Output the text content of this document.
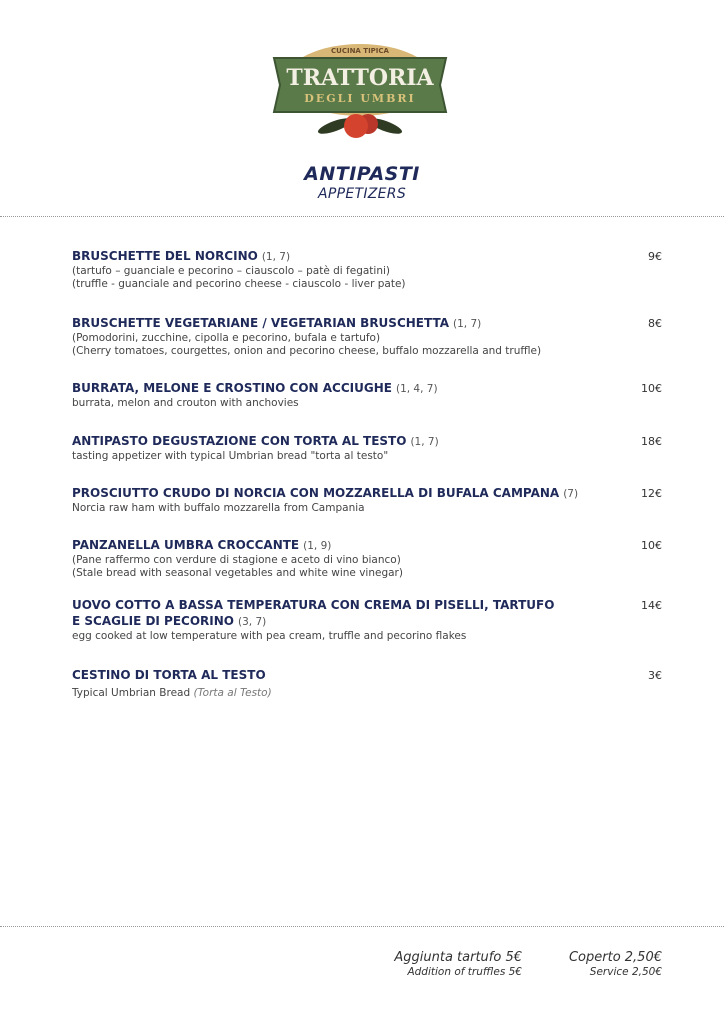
CUCINA TIPICA
TRATTORIA
DEGLI UMBRI
ANTIPASTI
APPETIZERS
BRUSCHETTE DEL NORCINO (1, 7)
(tartufo – guanciale e pecorino – ciauscolo – patè di fegatini)
(truffle - guanciale and pecorino cheese - ciauscolo - liver pate)
9€
BRUSCHETTE VEGETARIANE / VEGETARIAN BRUSCHETTA (1, 7)
(Pomodorini, zucchine, cipolla e pecorino, bufala e tartufo)
(Cherry tomatoes, courgettes, onion and pecorino cheese, buffalo mozzarella and truffle)
8€
BURRATA, MELONE E CROSTINO CON ACCIUGHE (1, 4, 7)
burrata, melon and crouton with anchovies
10€
ANTIPASTO DEGUSTAZIONE CON TORTA AL TESTO (1, 7)
tasting appetizer with typical Umbrian bread "torta al testo"
18€
PROSCIUTTO CRUDO DI NORCIA CON MOZZARELLA DI BUFALA CAMPANA (7)
Norcia raw ham with buffalo mozzarella from Campania
12€
PANZANELLA UMBRA CROCCANTE (1, 9)
(Pane raffermo con verdure di stagione e aceto di vino bianco)
(Stale bread with seasonal vegetables and white wine vinegar)
10€
UOVO COTTO A BASSA TEMPERATURA CON CREMA DI PISELLI, TARTUFO
E SCAGLIE DI PECORINO (3, 7)
egg cooked at low temperature with pea cream, truffle and pecorino flakes
14€
CESTINO DI TORTA AL TESTO
Typical Umbrian Bread (Torta al Testo)
3€
Aggiunta tartufo 5€
Addition of truffles 5€
Coperto 2,50€
Service 2,50€
